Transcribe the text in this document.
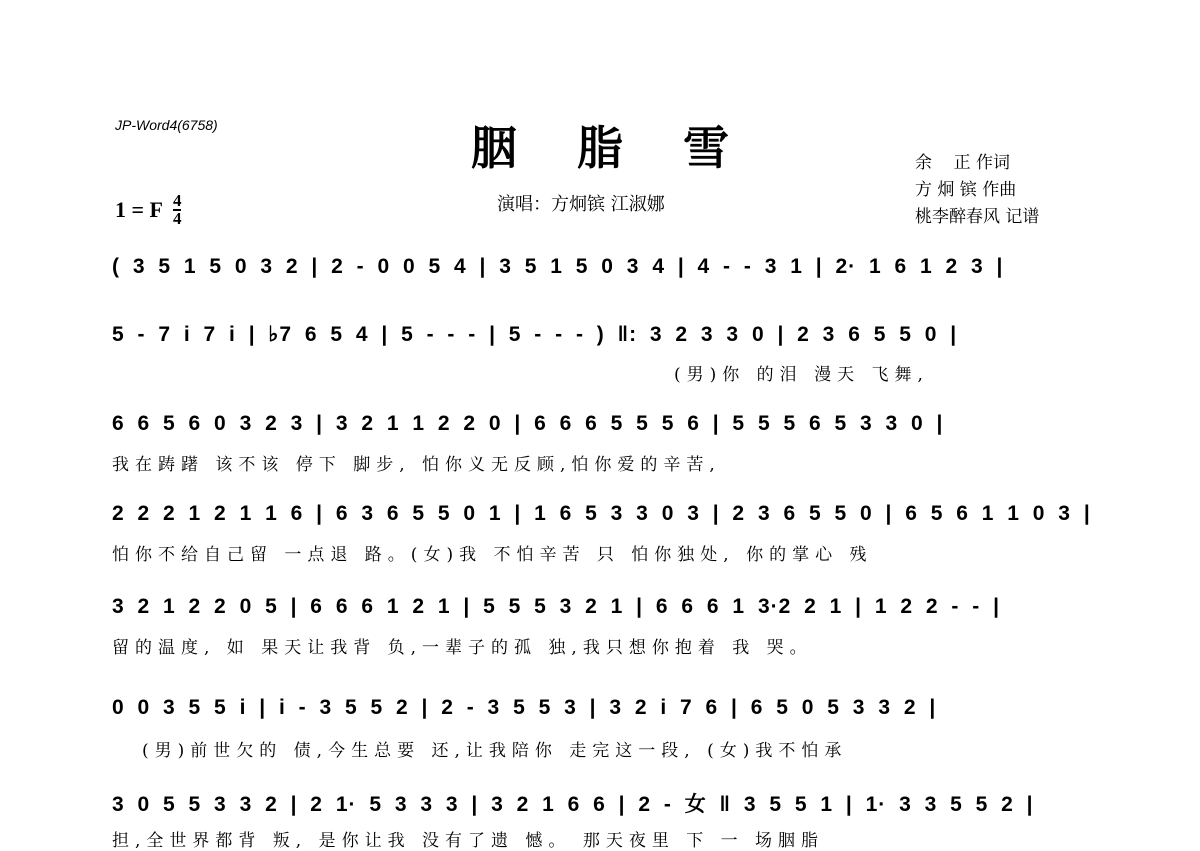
JP-Word4(6758)	胭脂雪
1 = F $\frac{4}{4}$	演唱：方炯镔 江淑娜
余    正 作词
方 炯 镔 作曲
桃李醉春风 记谱
( 3 5 1 5 0 3 2 | 2 - 0 0 5 4 | 3 5 1 5 0 3 4 | 4 - - 3 1 | 2· 1 6 1 2 3 |
5 - 7 i 7 i | ♭7 6 5 4 | 5 - - - | 5 - - - ) ‖: 3 2 3 3 0 | 2 3 6 5 5 0 |
(男)你 的泪 漫天 飞舞,
6 6 5 6 0 3 2 3 | 3 2 1 1 2 2 0 | 6 6 6 5 5 5 6 | 5 5 5 6 5 3 3 0 |
我在踌躇 该不该 停下 脚步, 怕你义无反顾,怕你爱的辛苦,
2 2 2 1 2 1 1 6 | 6 3 6 5 5 0 1 | 1 6 5 3 3 0 3 | 2 3 6 5 5 0 | 6 5 6 1 1 0 3 |
怕你不给自己留 一点退 路。(女)我 不怕辛苦 只 怕你独处, 你的掌心 残
3 2 1 2 2 0 5 | 6 6 6 1 2 1 | 5 5 5 3 2 1 | 6 6 6 1 3·2 2 1 | 1 2 2 - - |
留的温度, 如 果天让我背 负,一辈子的孤 独,我只想你抱着 我 哭。
0 0 3 5 5 i | i - 3 5 5 2 | 2 - 3 5 5 3 | 3 2 i 7 6 | 6 5 0 5 3 3 2 |
(男)前世欠的 债,今生总要 还,让我陪你 走完这一段, (女)我不怕承
3 0 5 5 3 3 2 | 2 1· 5 3 3 3 | 3 2 1 6 6 | 2 - 女 ‖ 3 5 5 1 | 1· 3 3 5 5 2 |
担,全世界都背 叛, 是你让我 没有了遗 憾。 那天夜里 下 一 场胭脂
